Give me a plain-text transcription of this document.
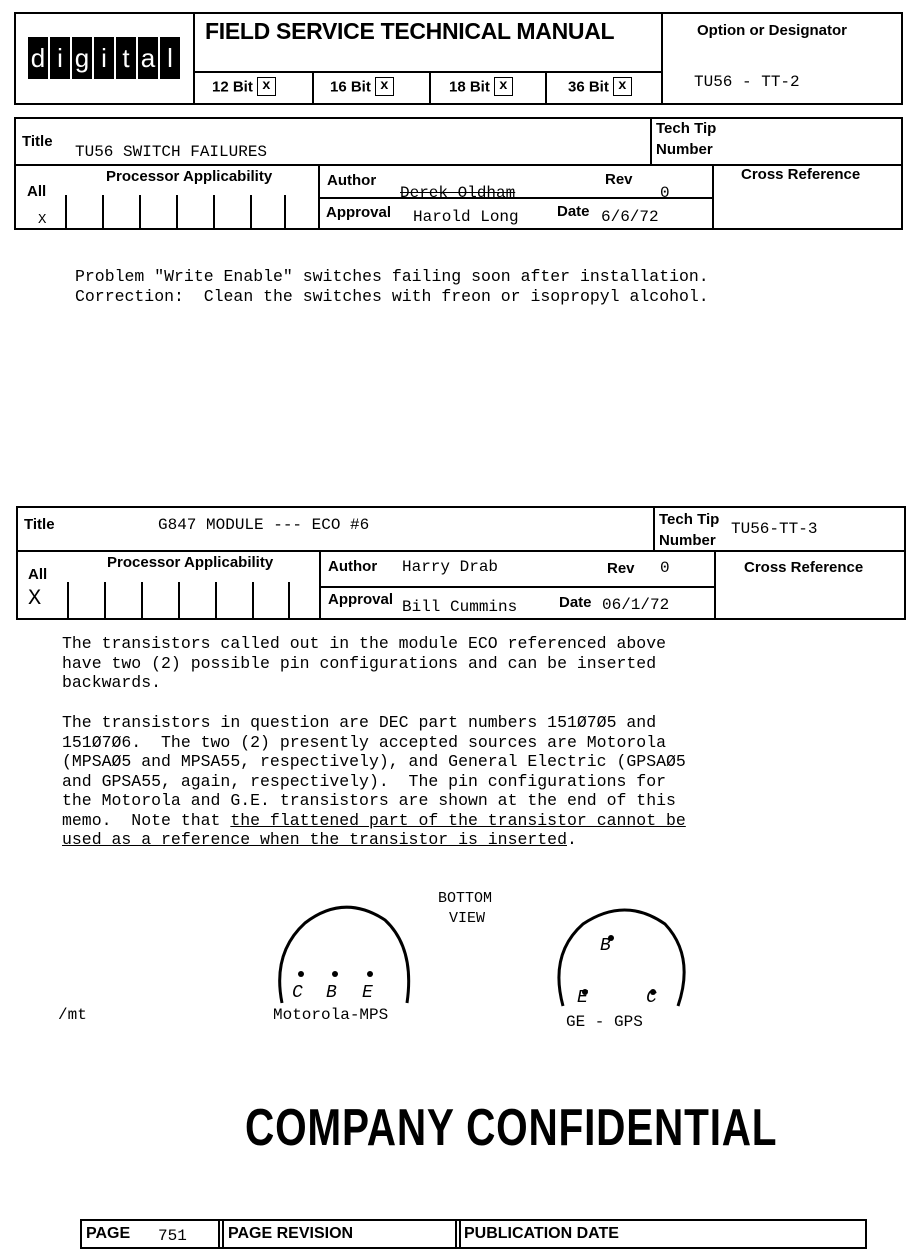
d i g i t a l
FIELD SERVICE TECHNICAL MANUAL
12 Bit x	16 Bit x	18 Bit x	36 Bit x
Option or Designator
TU56 - TT-2
Title
TU56 SWITCH FAILURES
Tech Tip
Number
All
X
Processor Applicability	Author
Derek Oldham
Rev
0
Approval Harold Long	Date 6/6/72
Cross Reference
Problem "Write Enable" switches failing soon after installation.
Correction:  Clean the switches with freon or isopropyl alcohol.
Title	G847 MODULE --- ECO #6	Tech Tip
Number
TU56-TT-3
All
X
Processor Applicability	Author Harry Drab	Rev 0
Approval Bill Cummins	Date 06/1/72
Cross Reference
The transistors called out in the module ECO referenced above
have two (2) possible pin configurations and can be inserted
backwards.
The transistors in question are DEC part numbers 151Ø7Ø5 and
151Ø7Ø6.  The two (2) presently accepted sources are Motorola
(MPSAØ5 and MPSA55, respectively), and General Electric (GPSAØ5
and GPSA55, again, respectively).  The pin configurations for
the Motorola and G.E. transistors are shown at the end of this
memo.  Note that the flattened part of the transistor cannot be
used as a reference when the transistor is inserted.
BOTTOM
VIEW
C B E
Motorola-MPS
B
E	C
GE - GPS
/mt
COMPANY CONFIDENTIAL
PAGE 751	PAGE REVISION	PUBLICATION DATE
